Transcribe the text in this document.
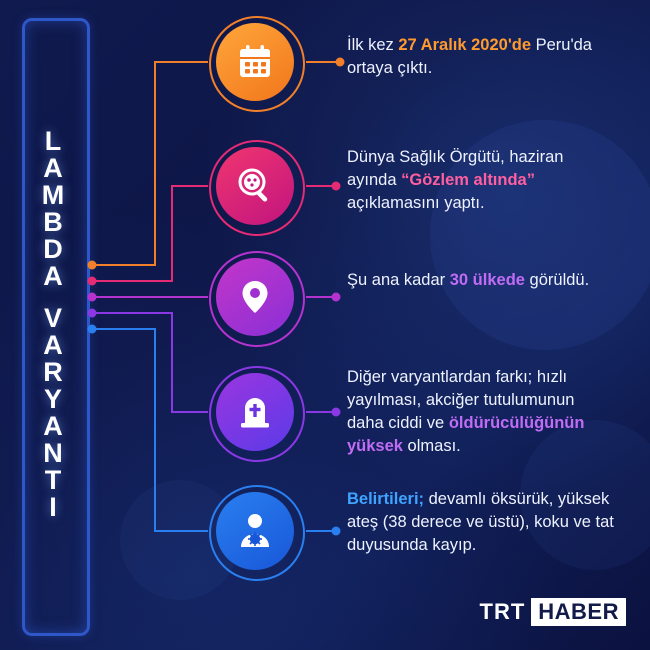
L
A
M
B
D
A
V
A
R
Y
A
N
T
I
İlk kez 27 Aralık 2020'de Peru'da ortaya çıktı.
Dünya Sağlık Örgütü, haziran ayında “Gözlem altında” açıklamasını yaptı.
Şu ana kadar 30 ülkede görüldü.
Diğer varyantlardan farkı; hızlı yayılması, akciğer tutulumunun daha ciddi ve öldürücülüğünün yüksek olması.
Belirtileri; devamlı öksürük, yüksek ateş (38 derece ve üstü), koku ve tat duyusunda kayıp.
TRT HABER
